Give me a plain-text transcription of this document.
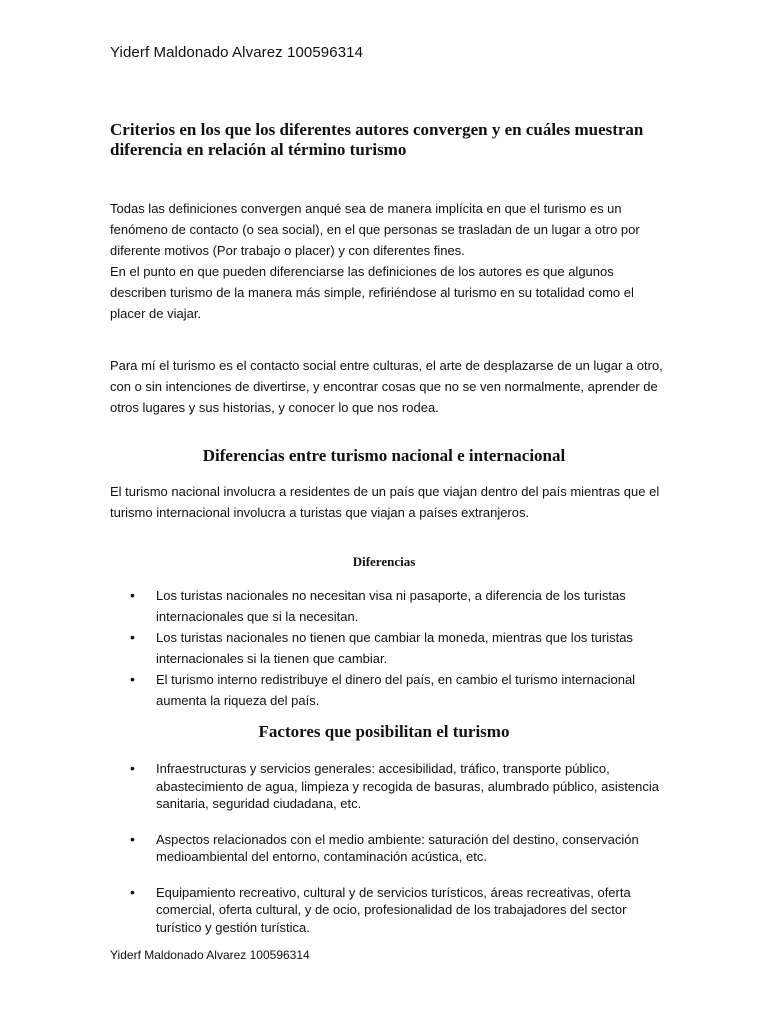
Yiderf Maldonado Alvarez 100596314
Criterios en los que los diferentes autores convergen y en cuáles muestran diferencia en relación al término turismo
Todas las definiciones convergen anqué sea de manera implícita en que el turismo es un fenómeno de contacto (o sea social), en el que personas se trasladan de un lugar a otro por diferente motivos (Por trabajo o placer) y con diferentes fines.
En el punto en que pueden diferenciarse las definiciones de los autores es que algunos describen turismo de la manera más simple, refiriéndose al turismo en su totalidad como el placer de viajar.

Para mí el turismo es el contacto social entre culturas, el arte de desplazarse de un lugar a otro, con o sin intenciones de divertirse, y encontrar cosas que no se ven normalmente, aprender de otros lugares y sus historias, y conocer lo que nos rodea.

Diferencias entre turismo nacional e internacional

El turismo nacional involucra a residentes de un país que viajan dentro del país mientras que el turismo internacional involucra a turistas que viajan a países extranjeros.

Diferencias
• Los turistas nacionales no necesitan visa ni pasaporte, a diferencia de los turistas internacionales que si la necesitan.
• Los turistas nacionales no tienen que cambiar la moneda, mientras que los turistas internacionales si la tienen que cambiar.
• El turismo interno redistribuye el dinero del país, en cambio el turismo internacional aumenta la riqueza del país.
Factores que posibilitan el turismo
• Infraestructuras y servicios generales: accesibilidad, tráfico, transporte público, abastecimiento de agua, limpieza y recogida de basuras, alumbrado público, asistencia sanitaria, seguridad ciudadana, etc.
• Aspectos relacionados con el medio ambiente: saturación del destino, conservación medioambiental del entorno, contaminación acústica, etc.
• Equipamiento recreativo, cultural y de servicios turísticos, áreas recreativas, oferta comercial, oferta cultural, y de ocio, profesionalidad de los trabajadores del sector turístico y gestión turística.
Yiderf Maldonado Alvarez 100596314
